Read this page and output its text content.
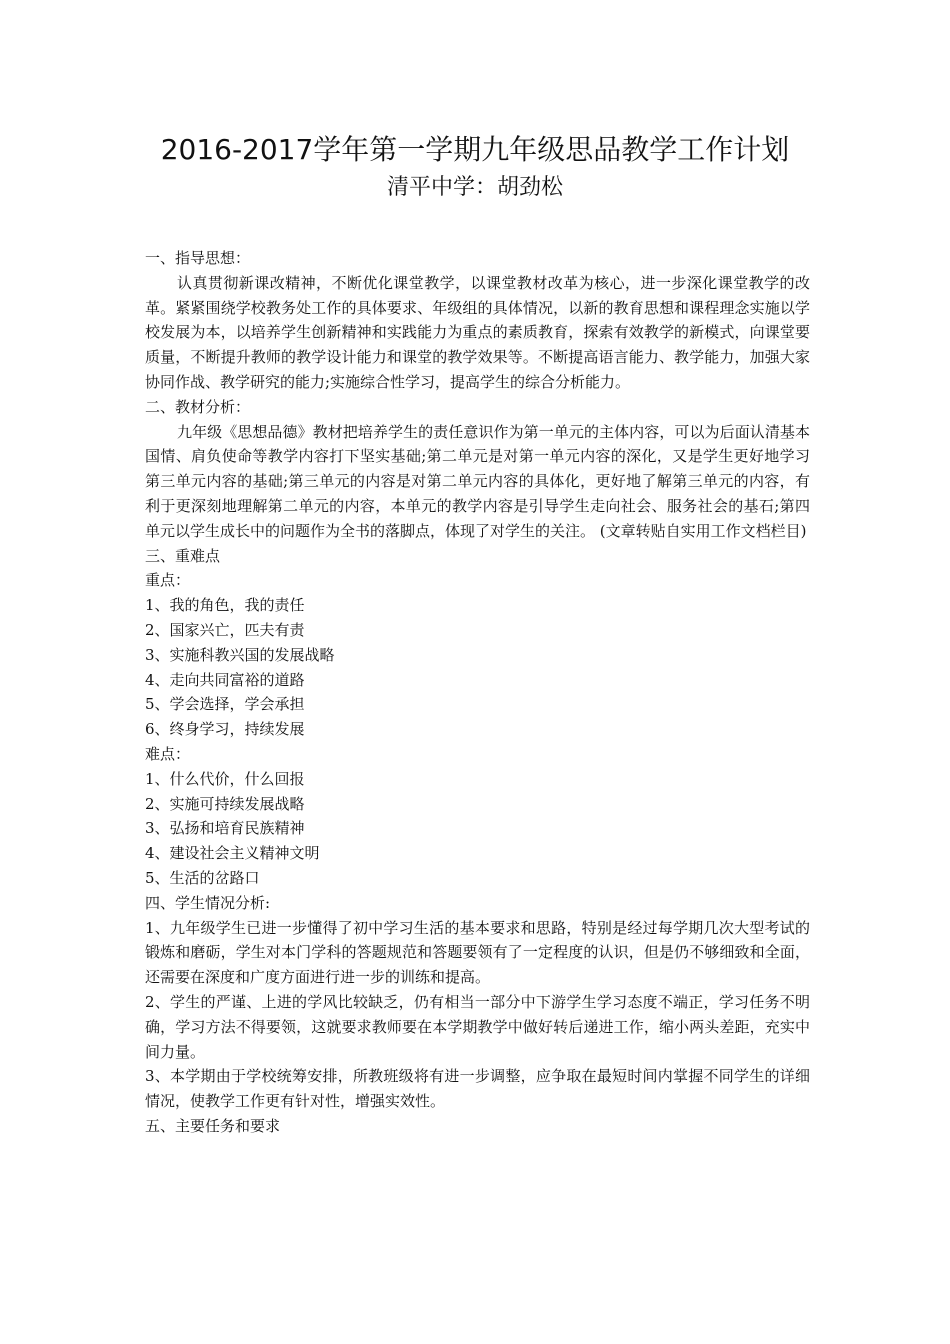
2016-2017学年第一学期九年级思品教学工作计划
清平中学：胡劲松

一、指导思想：

认真贯彻新课改精神，不断优化课堂教学，以课堂教材改革为核心，进一步深化课堂教学的改革。紧紧围绕学校教务处工作的具体要求、年级组的具体情况，以新的教育思想和课程理念实施以学校发展为本，以培养学生创新精神和实践能力为重点的素质教育，探索有效教学的新模式，向课堂要质量，不断提升教师的教学设计能力和课堂的教学效果等。不断提高语言能力、教学能力，加强大家协同作战、教学研究的能力;实施综合性学习，提高学生的综合分析能力。

二、教材分析：

九年级《思想品德》教材把培养学生的责任意识作为第一单元的主体内容，可以为后面认清基本国情、肩负使命等教学内容打下坚实基础;第二单元是对第一单元内容的深化，又是学生更好地学习第三单元内容的基础;第三单元的内容是对第二单元内容的具体化，更好地了解第三单元的内容，有利于更深刻地理解第二单元的内容，本单元的教学内容是引导学生走向社会、服务社会的基石;第四单元以学生成长中的问题作为全书的落脚点，体现了对学生的关注。 (文章转贴自实用工作文档栏目)

三、重难点

重点：

1、我的角色，我的责任

2、国家兴亡，匹夫有责

3、实施科教兴国的发展战略

4、走向共同富裕的道路

5、学会选择，学会承担

6、终身学习，持续发展

难点：

1、什么代价，什么回报

2、实施可持续发展战略

3、弘扬和培育民族精神

4、建设社会主义精神文明

5、生活的岔路口

四、学生情况分析:

1、九年级学生已进一步懂得了初中学习生活的基本要求和思路，特别是经过每学期几次大型考试的锻炼和磨砺，学生对本门学科的答题规范和答题要领有了一定程度的认识，但是仍不够细致和全面，还需要在深度和广度方面进行进一步的训练和提高。

2、学生的严谨、上进的学风比较缺乏，仍有相当一部分中下游学生学习态度不端正，学习任务不明确，学习方法不得要领，这就要求教师要在本学期教学中做好转后递进工作，缩小两头差距，充实中间力量。

3、本学期由于学校统筹安排，所教班级将有进一步调整，应争取在最短时间内掌握不同学生的详细情况，使教学工作更有针对性，增强实效性。

五、主要任务和要求
